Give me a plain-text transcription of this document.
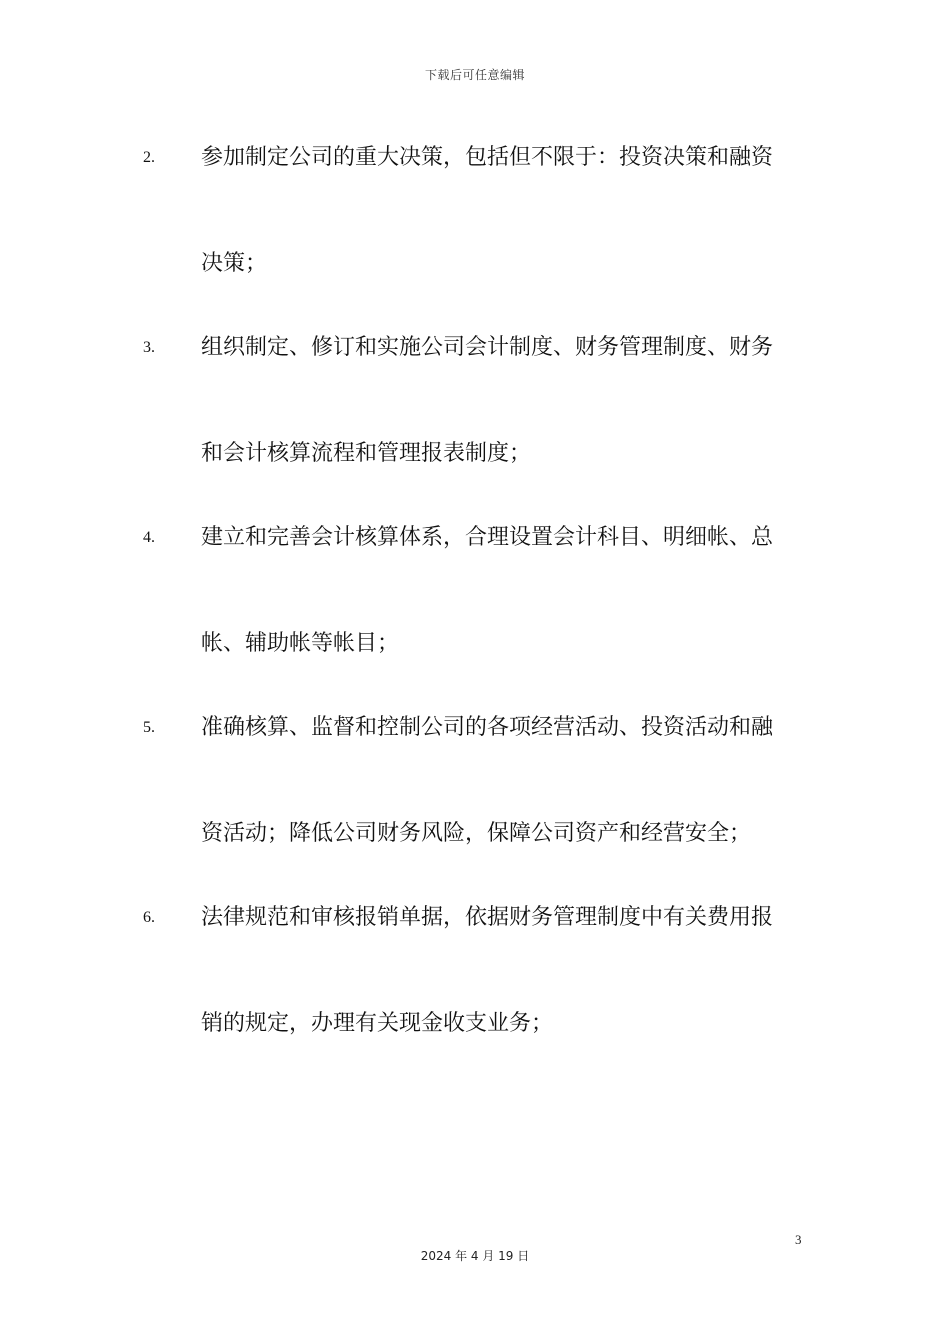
下载后可任意编辑
2. 参加制定公司的重大决策，包括但不限于：投资决策和融资
决策；
3. 组织制定、修订和实施公司会计制度、财务管理制度、财务
和会计核算流程和管理报表制度；
4. 建立和完善会计核算体系，合理设置会计科目、明细帐、总
帐、辅助帐等帐目；
5. 准确核算、监督和控制公司的各项经营活动、投资活动和融
资活动；降低公司财务风险，保障公司资产和经营安全；
6. 法律规范和审核报销单据，依据财务管理制度中有关费用报
销的规定，办理有关现金收支业务；
3
2024 年 4 月 19 日
